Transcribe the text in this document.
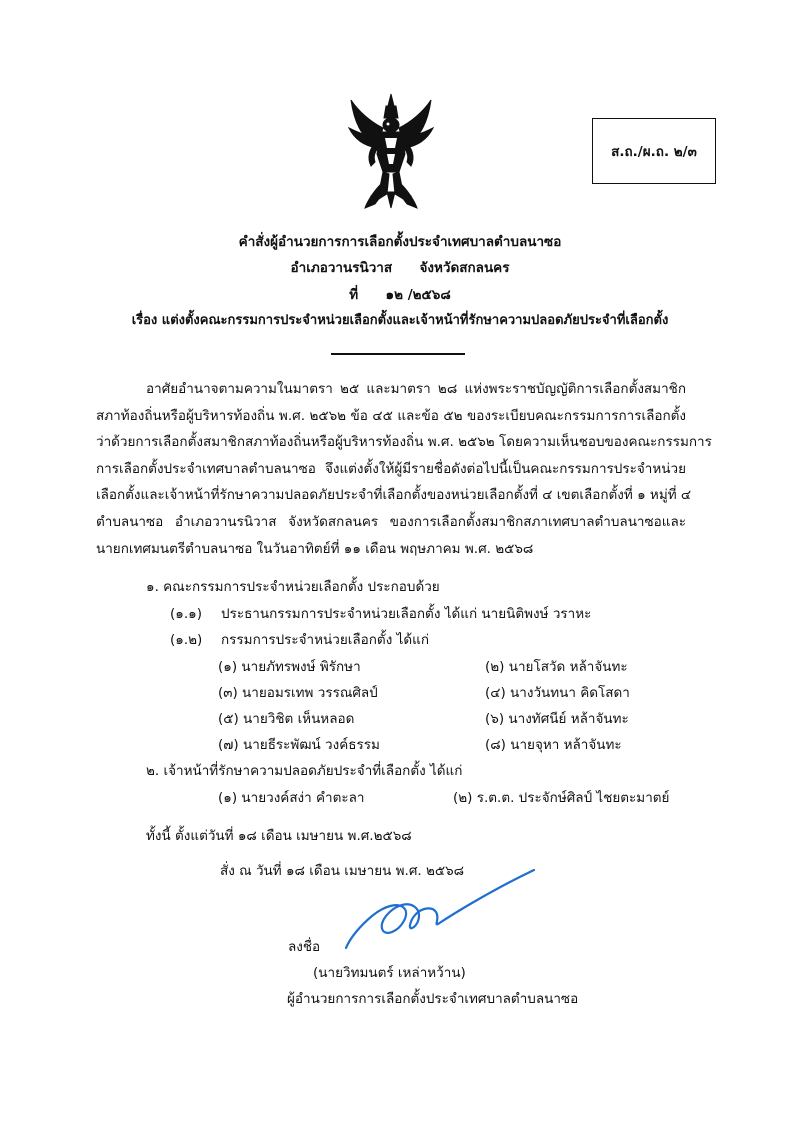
ส.ถ./ผ.ถ. ๒/๓
คำสั่งผู้อำนวยการการเลือกตั้งประจำเทศบาลตำบลนาซอ
อำเภอวานรนิวาส จังหวัดสกลนคร
ที่ ๑๒ /๒๕๖๘
เรื่อง แต่งตั้งคณะกรรมการประจำหน่วยเลือกตั้งและเจ้าหน้าที่รักษาความปลอดภัยประจำที่เลือกตั้ง
อาศัยอำนาจตามความในมาตรา ๒๕ และมาตรา ๒๘ แห่งพระราชบัญญัติการเลือกตั้งสมาชิก
สภาท้องถิ่นหรือผู้บริหารท้องถิ่น พ.ศ. ๒๕๖๒ ข้อ ๔๕ และข้อ ๕๒ ของระเบียบคณะกรรมการการเลือกตั้ง
ว่าด้วยการเลือกตั้งสมาชิกสภาท้องถิ่นหรือผู้บริหารท้องถิ่น พ.ศ. ๒๕๖๒ โดยความเห็นชอบของคณะกรรมการ
การเลือกตั้งประจำเทศบาลตำบลนาซอ จึงแต่งตั้งให้ผู้มีรายชื่อดังต่อไปนี้เป็นคณะกรรมการประจำหน่วย
เลือกตั้งและเจ้าหน้าที่รักษาความปลอดภัยประจำที่เลือกตั้งของหน่วยเลือกตั้งที่ ๔ เขตเลือกตั้งที่ ๑ หมู่ที่ ๔
ตำบลนาซอ อำเภอวานรนิวาส จังหวัดสกลนคร ของการเลือกตั้งสมาชิกสภาเทศบาลตำบลนาซอและ
นายกเทศมนตรีตำบลนาซอ ในวันอาทิตย์ที่ ๑๑ เดือน พฤษภาคม พ.ศ. ๒๕๖๘
๑. คณะกรรมการประจำหน่วยเลือกตั้ง ประกอบด้วย
(๑.๑) ประธานกรรมการประจำหน่วยเลือกตั้ง ได้แก่ นายนิติพงษ์ วราหะ
(๑.๒) กรรมการประจำหน่วยเลือกตั้ง ได้แก่
(๑) นายภัทรพงษ์ พิรักษา	(๒) นายโสวัด หล้าจันทะ
(๓) นายอมรเทพ วรรณศิลป์	(๔) นางวันทนา คิดโสดา
(๕) นายวิชิต เห็นหลอด	(๖) นางทัศนีย์ หล้าจันทะ
(๗) นายธีระพัฒน์ วงค์ธรรม	(๘) นายจุหา หล้าจันทะ
๒. เจ้าหน้าที่รักษาความปลอดภัยประจำที่เลือกตั้ง ได้แก่
(๑) นายวงค์สง่า คำตะลา	(๒) ร.ต.ต. ประจักษ์ศิลป์ ไชยตะมาตย์
ทั้งนี้ ตั้งแต่วันที่ ๑๘ เดือน เมษายน พ.ศ.๒๕๖๘
สั่ง ณ วันที่ ๑๘ เดือน เมษายน พ.ศ. ๒๕๖๘
ลงชื่อ
(นายวิทมนตร์ เหล่าหว้าน)
ผู้อำนวยการการเลือกตั้งประจำเทศบาลตำบลนาซอ
